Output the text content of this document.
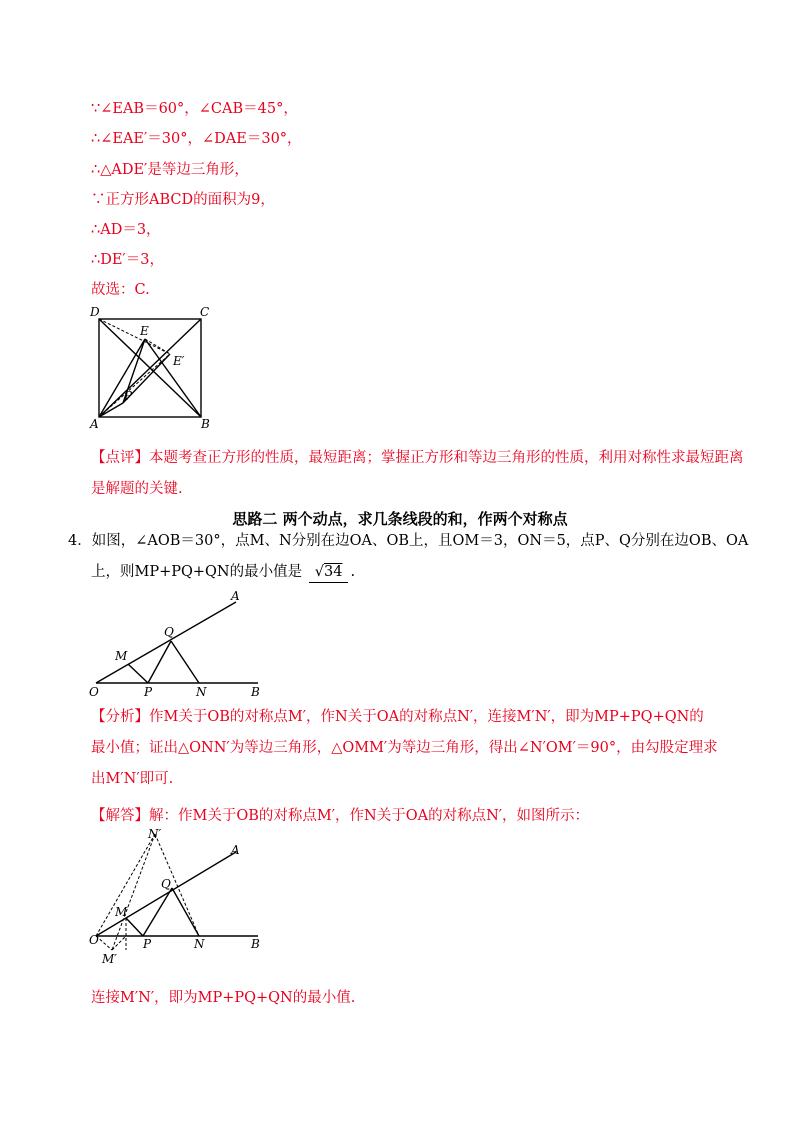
∵∠EAB＝60°，∠CAB＝45°，
∴∠EAE′＝30°，∠DAE＝30°，
∴△ADE′是等边三角形，
∵正方形ABCD的面积为9，
∴AD＝3，
∴DE′＝3，
故选：C.
D	C
E
E′
P
A	B
【点评】本题考查正方形的性质，最短距离；掌握正方形和等边三角形的性质，利用对称性求最短距离
是解题的关键.
思路二 两个动点，求几条线段的和，作两个对称点
4．如图，∠AOB＝30°，点M、N分别在边OA、OB上，且OM＝3，ON＝5，点P、Q分别在边OB、OA
上，则MP+PQ+QN的最小值是 √34 .
A
Q
M
O	P	N	B
【分析】作M关于OB的对称点M′，作N关于OA的对称点N′，连接M′N′，即为MP+PQ+QN的
最小值；证出△ONN′为等边三角形，△OMM′为等边三角形，得出∠N′OM′＝90°，由勾股定理求
出M′N′即可.
【解答】解：作M关于OB的对称点M′，作N关于OA的对称点N′，如图所示：
N′
A
Q
M
O	P	N	B
M′
连接M′N′，即为MP+PQ+QN的最小值.
